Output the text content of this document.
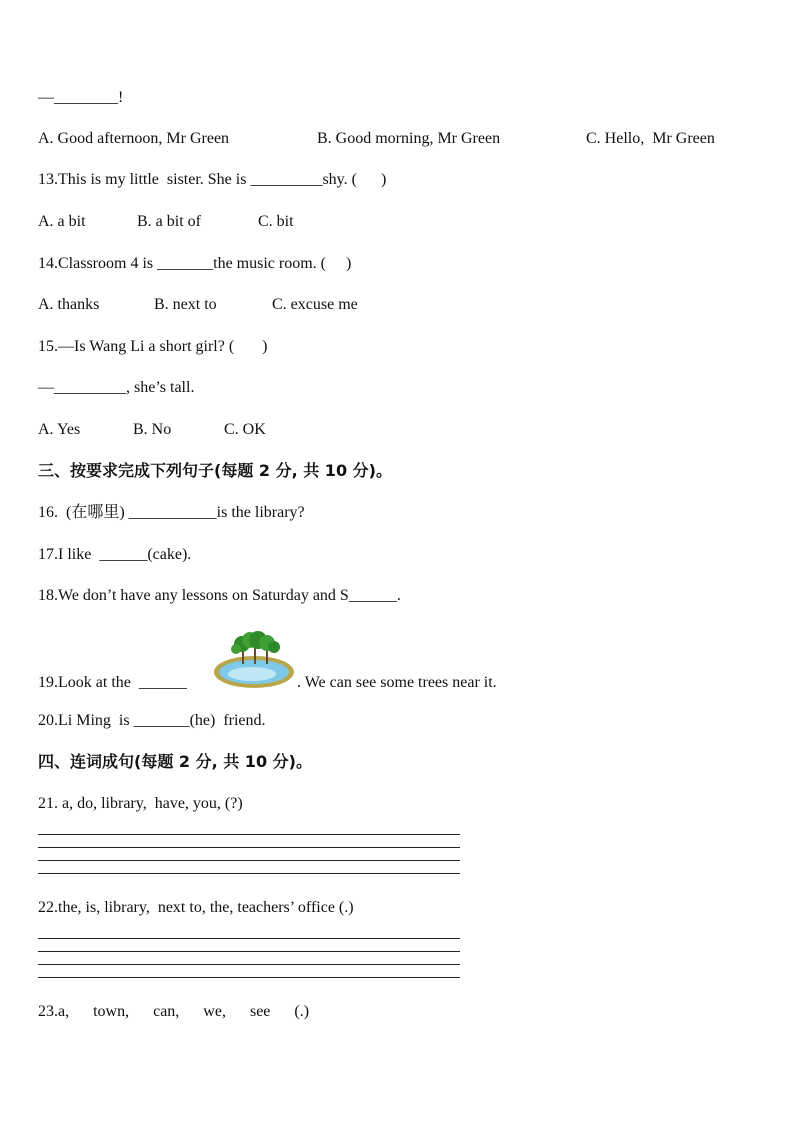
—________!
A. Good afternoon, Mr Green	B. Good morning, Mr Green	C. Hello,  Mr Green
13.This is my little  sister. She is _________shy. (      )
A. a bit	B. a bit of	C. bit
14.Classroom 4 is _______the music room. (     )
A. thanks	B. next to	C. excuse me
15.—Is Wang Li a short girl? (       )
—_________, she’s tall.
A. Yes	B. No	C. OK
三、按要求完成下列句子(每题 2 分, 共 10 分)。
16.  (在哪里) ___________is the library?
17.I like  ______(cake).
18.We don’t have any lessons on Saturday and S______.
19.Look at the  ______	. We can see some trees near it.
20.Li Ming  is _______(he)  friend.
四、连词成句(每题 2 分, 共 10 分)。
21. a, do, library,  have, you, (?)
22.the, is, library,  next to, the, teachers’ office (.)
23.a,      town,      can,      we,      see      (.)
